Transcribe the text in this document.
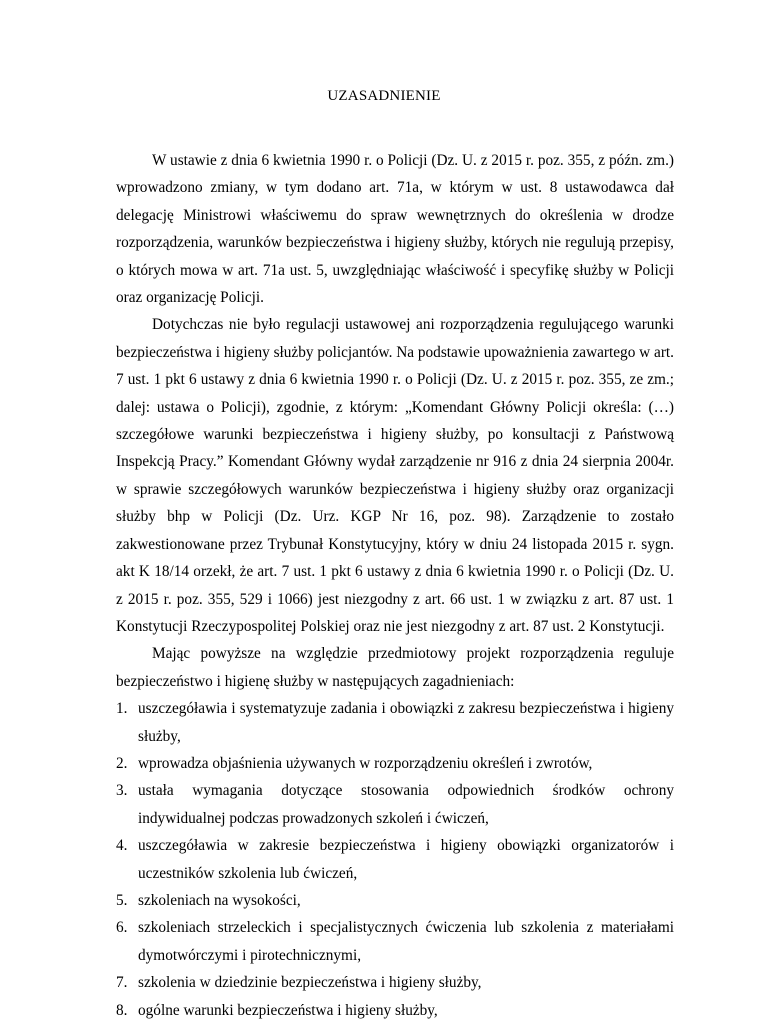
UZASADNIENIE

W ustawie z dnia 6 kwietnia 1990 r. o Policji (Dz. U. z 2015 r. poz. 355, z późn. zm.) wprowadzono zmiany, w tym dodano art. 71a, w którym w ust. 8 ustawodawca dał delegację Ministrowi właściwemu do spraw wewnętrznych do określenia w drodze rozporządzenia, warunków bezpieczeństwa i higieny służby, których nie regulują przepisy, o których mowa w art. 71a ust. 5, uwzględniając właściwość i specyfikę służby w Policji oraz organizację Policji.

Dotychczas nie było regulacji ustawowej ani rozporządzenia regulującego warunki bezpieczeństwa i higieny służby policjantów. Na podstawie upoważnienia zawartego w art. 7 ust. 1 pkt 6 ustawy z dnia 6 kwietnia 1990 r. o Policji (Dz. U. z 2015 r. poz. 355, ze zm.; dalej: ustawa o Policji), zgodnie, z którym: „Komendant Główny Policji określa: (…) szczegółowe warunki bezpieczeństwa i higieny służby, po konsultacji z Państwową Inspekcją Pracy.” Komendant Główny wydał zarządzenie nr 916 z dnia 24 sierpnia 2004r. w sprawie szczegółowych warunków bezpieczeństwa i higieny służby oraz organizacji służby bhp w Policji (Dz. Urz. KGP Nr 16, poz. 98). Zarządzenie to zostało zakwestionowane przez Trybunał Konstytucyjny, który w dniu 24 listopada 2015 r. sygn. akt K 18/14 orzekł, że art. 7 ust. 1 pkt 6 ustawy z dnia 6 kwietnia 1990 r. o Policji (Dz. U. z 2015 r. poz. 355, 529 i 1066) jest niezgodny z art. 66 ust. 1 w związku z art. 87 ust. 1 Konstytucji Rzeczypospolitej Polskiej oraz nie jest niezgodny z art. 87 ust. 2 Konstytucji.

Mając powyższe na względzie przedmiotowy projekt rozporządzenia reguluje bezpieczeństwo i higienę służby w następujących zagadnieniach:

1. uszczegóławia i systematyzuje zadania i obowiązki z zakresu bezpieczeństwa i higieny służby,
2. wprowadza objaśnienia używanych w rozporządzeniu określeń i zwrotów,
3. ustała wymagania dotyczące stosowania odpowiednich środków ochrony indywidualnej podczas prowadzonych szkoleń i ćwiczeń,
4. uszczegóławia w zakresie bezpieczeństwa i higieny obowiązki organizatorów i uczestników szkolenia lub ćwiczeń,
5. szkoleniach na wysokości,
6. szkoleniach strzeleckich i specjalistycznych ćwiczenia lub szkolenia z materiałami dymotwórczymi i pirotechnicznymi,
7. szkolenia w dziedzinie bezpieczeństwa i higieny służby,
8. ogólne warunki bezpieczeństwa i higieny służby,
